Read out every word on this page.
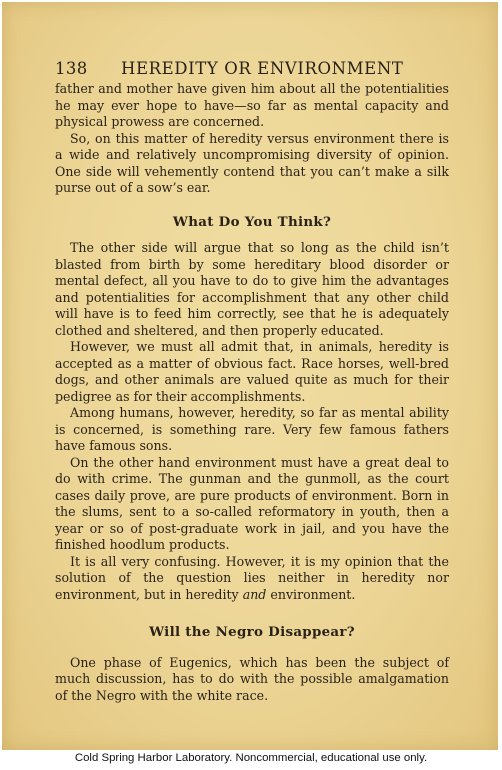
138	HEREDITY OR ENVIRONMENT

father and mother have given him about all the potentialities he may ever hope to have—so far as mental capacity and physical prowess are concerned.

So, on this matter of heredity versus environment there is a wide and relatively uncompromising diversity of opinion. One side will vehemently contend that you can’t make a silk purse out of a sow’s ear.

What Do You Think?

The other side will argue that so long as the child isn’t blasted from birth by some hereditary blood disorder or mental defect, all you have to do to give him the advantages and potentialities for accomplishment that any other child will have is to feed him correctly, see that he is adequately clothed and sheltered, and then properly educated.

However, we must all admit that, in animals, heredity is accepted as a matter of obvious fact. Race horses, well-bred dogs, and other animals are valued quite as much for their pedigree as for their accomplishments.

Among humans, however, heredity, so far as mental ability is concerned, is something rare. Very few famous fathers have famous sons.

On the other hand environment must have a great deal to do with crime. The gunman and the gunmoll, as the court cases daily prove, are pure products of environment. Born in the slums, sent to a so-called reformatory in youth, then a year or so of post-graduate work in jail, and you have the finished hoodlum products.

It is all very confusing. However, it is my opinion that the solution of the question lies neither in heredity nor environment, but in heredity and environment.

Will the Negro Disappear?

One phase of Eugenics, which has been the subject of much discussion, has to do with the possible amalgamation of the Negro with the white race.

Cold Spring Harbor Laboratory. Noncommercial, educational use only.
